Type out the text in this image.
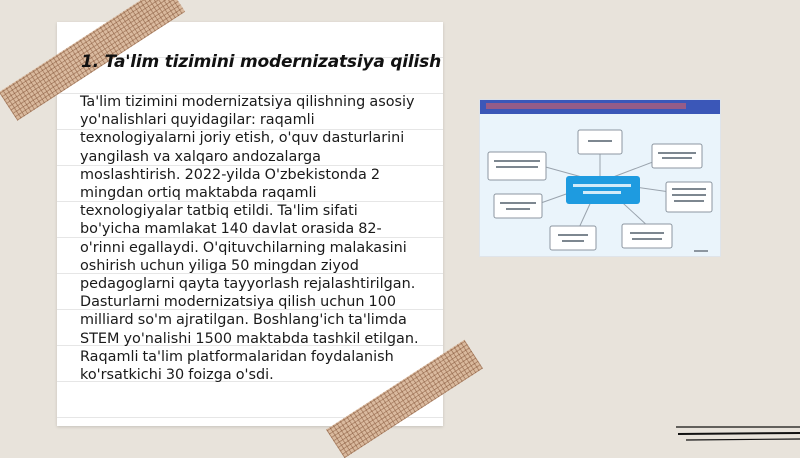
1. Ta'lim tizimini modernizatsiya qilish

Ta'lim tizimini modernizatsiya qilishning asosiy yo'nalishlari quyidagilar: raqamli texnologiyalarni joriy etish, o'quv dasturlarini yangilash va xalqaro andozalarga moslashtirish. 2022-yilda O'zbekistonda 2 mingdan ortiq maktabda raqamli texnologiyalar tatbiq etildi. Ta'lim sifati bo'yicha mamlakat 140 davlat orasida 82-o'rinni egallaydi. O'qituvchilarning malakasini oshirish uchun yiliga 50 mingdan ziyod pedagoglarni qayta tayyorlash rejalashtirilgan. Dasturlarni modernizatsiya qilish uchun 100 milliard so'm ajratilgan. Boshlang'ich ta'limda STEM yo'nalishi 1500 maktabda tashkil etilgan. Raqamli ta'lim platformalaridan foydalanish ko'rsatkichi 30 foizga o'sdi.
